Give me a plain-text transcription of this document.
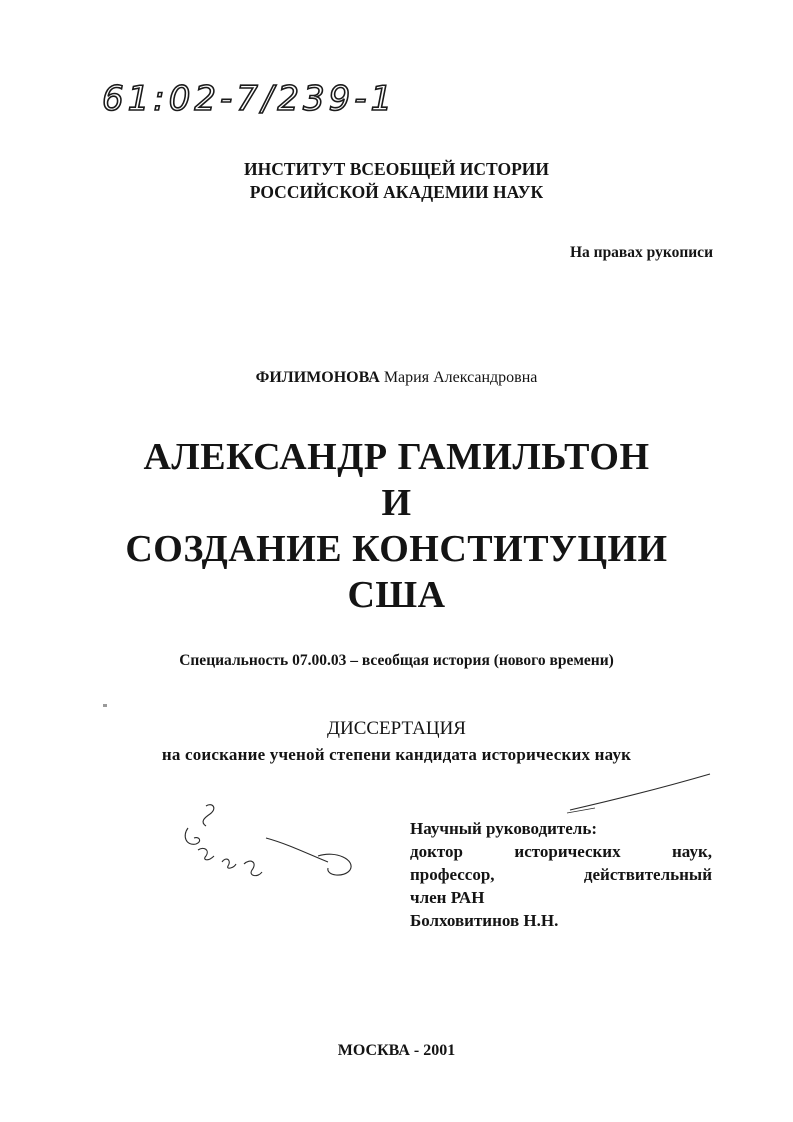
61:02-7/239-1
ИНСТИТУТ ВСЕОБЩЕЙ ИСТОРИИ
РОССИЙСКОЙ АКАДЕМИИ НАУК
На правах рукописи
ФИЛИМОНОВА Мария Александровна
АЛЕКСАНДР ГАМИЛЬТОН
И
СОЗДАНИЕ КОНСТИТУЦИИ
США
Специальность 07.00.03 – всеобщая история (нового времени)
ДИССЕРТАЦИЯ
на соискание ученой степени кандидата исторических наук
Научный руководитель:
доктор исторических наук,
профессор, действительный
член РАН
Болховитинов Н.Н.
МОСКВА - 2001
